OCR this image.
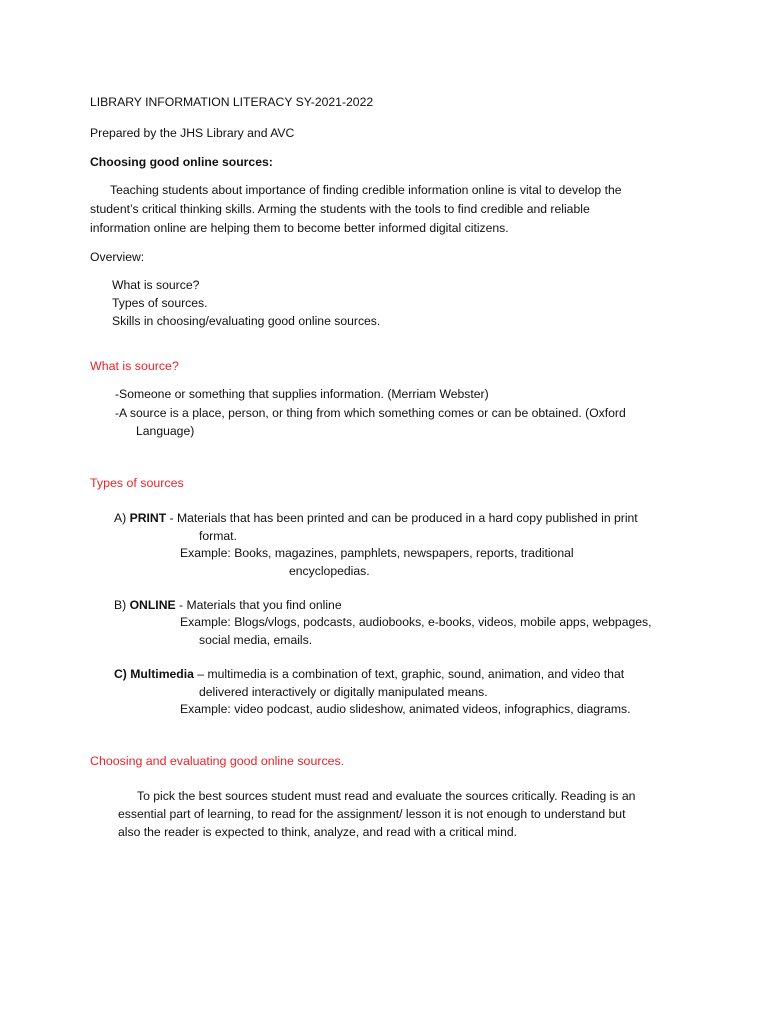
LIBRARY INFORMATION LITERACY SY-2021-2022
Prepared by the JHS Library and AVC
Choosing good online sources:
Teaching students about importance of finding credible information online is vital to develop the
student’s critical thinking skills. Arming the students with the tools to find credible and reliable
information online are helping them to become better informed digital citizens.
Overview:
What is source?
Types of sources.
Skills in choosing/evaluating good online sources.
What is source?
-Someone or something that supplies information. (Merriam Webster)
-A source is a place, person, or thing from which something comes or can be obtained. (Oxford
Language)
Types of sources
A) PRINT - Materials that has been printed and can be produced in a hard copy published in print
format.
Example: Books, magazines, pamphlets, newspapers, reports, traditional
encyclopedias.
B) ONLINE - Materials that you find online
Example: Blogs/vlogs, podcasts, audiobooks, e-books, videos, mobile apps, webpages,
social media, emails.
C) Multimedia – multimedia is a combination of text, graphic, sound, animation, and video that
delivered interactively or digitally manipulated means.
Example: video podcast, audio slideshow, animated videos, infographics, diagrams.
Choosing and evaluating good online sources.
To pick the best sources student must read and evaluate the sources critically. Reading is an
essential part of learning, to read for the assignment/ lesson it is not enough to understand but
also the reader is expected to think, analyze, and read with a critical mind.
